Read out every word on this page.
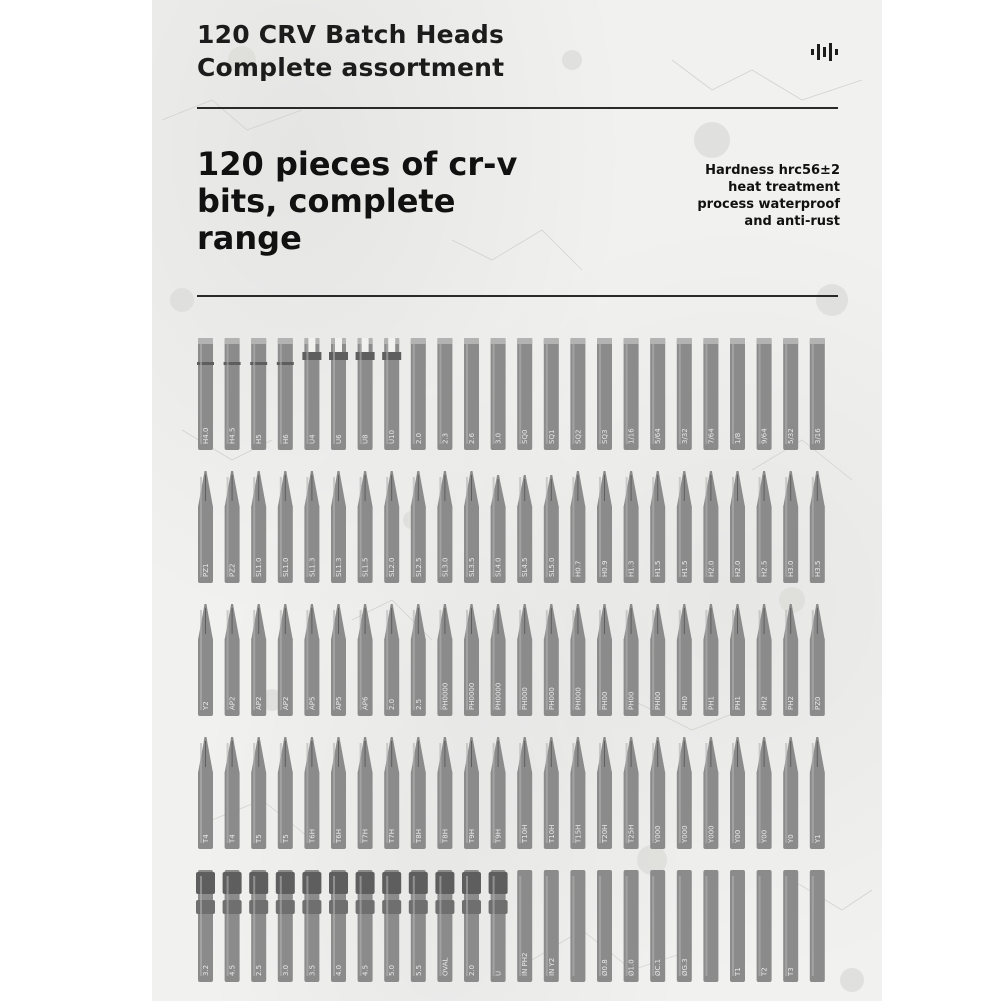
120 CRV Batch Heads
Complete assortment
120 pieces of cr-v
bits, complete
range
Hardness hrc56±2
heat treatment
process waterproof
and anti-rust
H4.0	H4.5	H5	H6	U4	U6	U8	U10	2.0	2.3	2.6	3.0	SQ0	SQ1	SQ2	SQ3	1/16	5/64	3/32	7/64	1/8	9/64	5/32	3/16
PZ1	PZ2	SL1.0	SL1.0	SL1.3	SL1.3	SL1.5	SL2.0	SL2.5	SL3.0	SL3.5	SL4.0	SL4.5	SL5.0	H0.7	H0.9	H1.3	H1.5	H1.5	H2.0	H2.0	H2.5	H3.0	H3.5
Y2	AP2	AP2	AP2	AP5	AP5	AP6	2.0	2.5	PH0000	PH0000	PH0000	PH000	PH000	PH000	PH00	PH00	PH00	PH0	PH1	PH1	PH2	PH2	PZ0
T4	T4	T5	T5	T6H	T6H	T7H	T7H	T8H	T8H	T9H	T9H	T10H	T10H	T15H	T20H	T25H	Y000	Y000	Y000	Y00	Y00	Y0	Y1
3.2	4.5	2.5	3.0	3.5	4.0	4.5	5.0	5.5	OVAL	2.0	U	IN PH2	IN Y2	Ø0.8	Ø1.0	ØC.1	ØG.3	T1	T2	T3
